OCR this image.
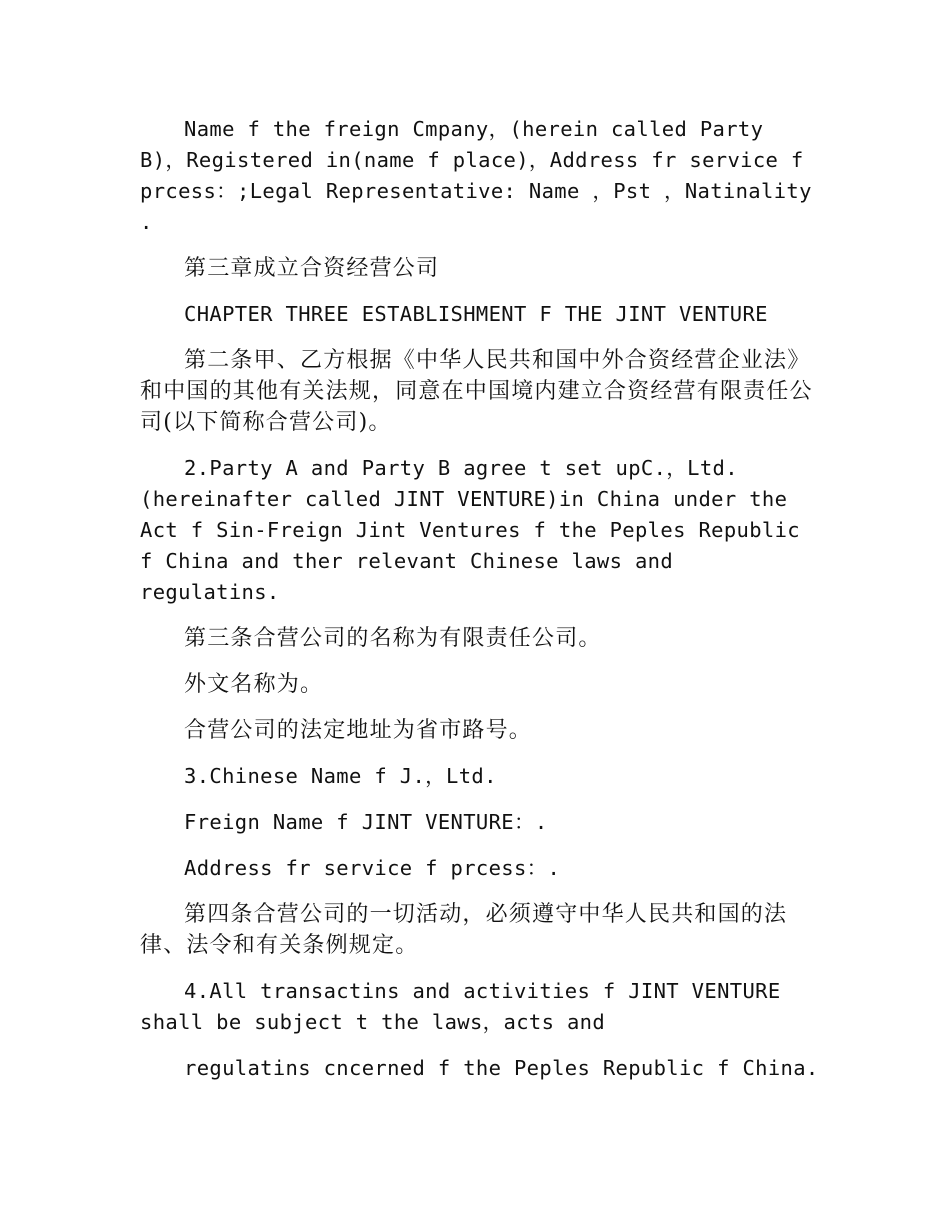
Name f the freign Cmpany，(herein called Party B)，Registered in(name f place)，Address fr service f prcess：;Legal Representative: Name ，Pst ，Natinality .

第三章成立合资经营公司

CHAPTER THREE ESTABLISHMENT F THE JINT VENTURE

第二条甲、乙方根据《中华人民共和国中外合资经营企业法》和中国的其他有关法规，同意在中国境内建立合资经营有限责任公司(以下简称合营公司)。

2.Party A and Party B agree t set upC.，Ltd. (hereinafter called JINT VENTURE)in China under the Act f Sin-Freign Jint Ventures f the Peples Republic f China and ther relevant Chinese laws and regulatins.

第三条合营公司的名称为有限责任公司。

外文名称为。

合营公司的法定地址为省市路号。

3.Chinese Name f J.，Ltd.

Freign Name f JINT VENTURE：.

Address fr service f prcess：.

第四条合营公司的一切活动，必须遵守中华人民共和国的法律、法令和有关条例规定。

4.All transactins and activities f JINT VENTURE shall be subject t the laws，acts and

regulatins cncerned f the Peples Republic f China.
